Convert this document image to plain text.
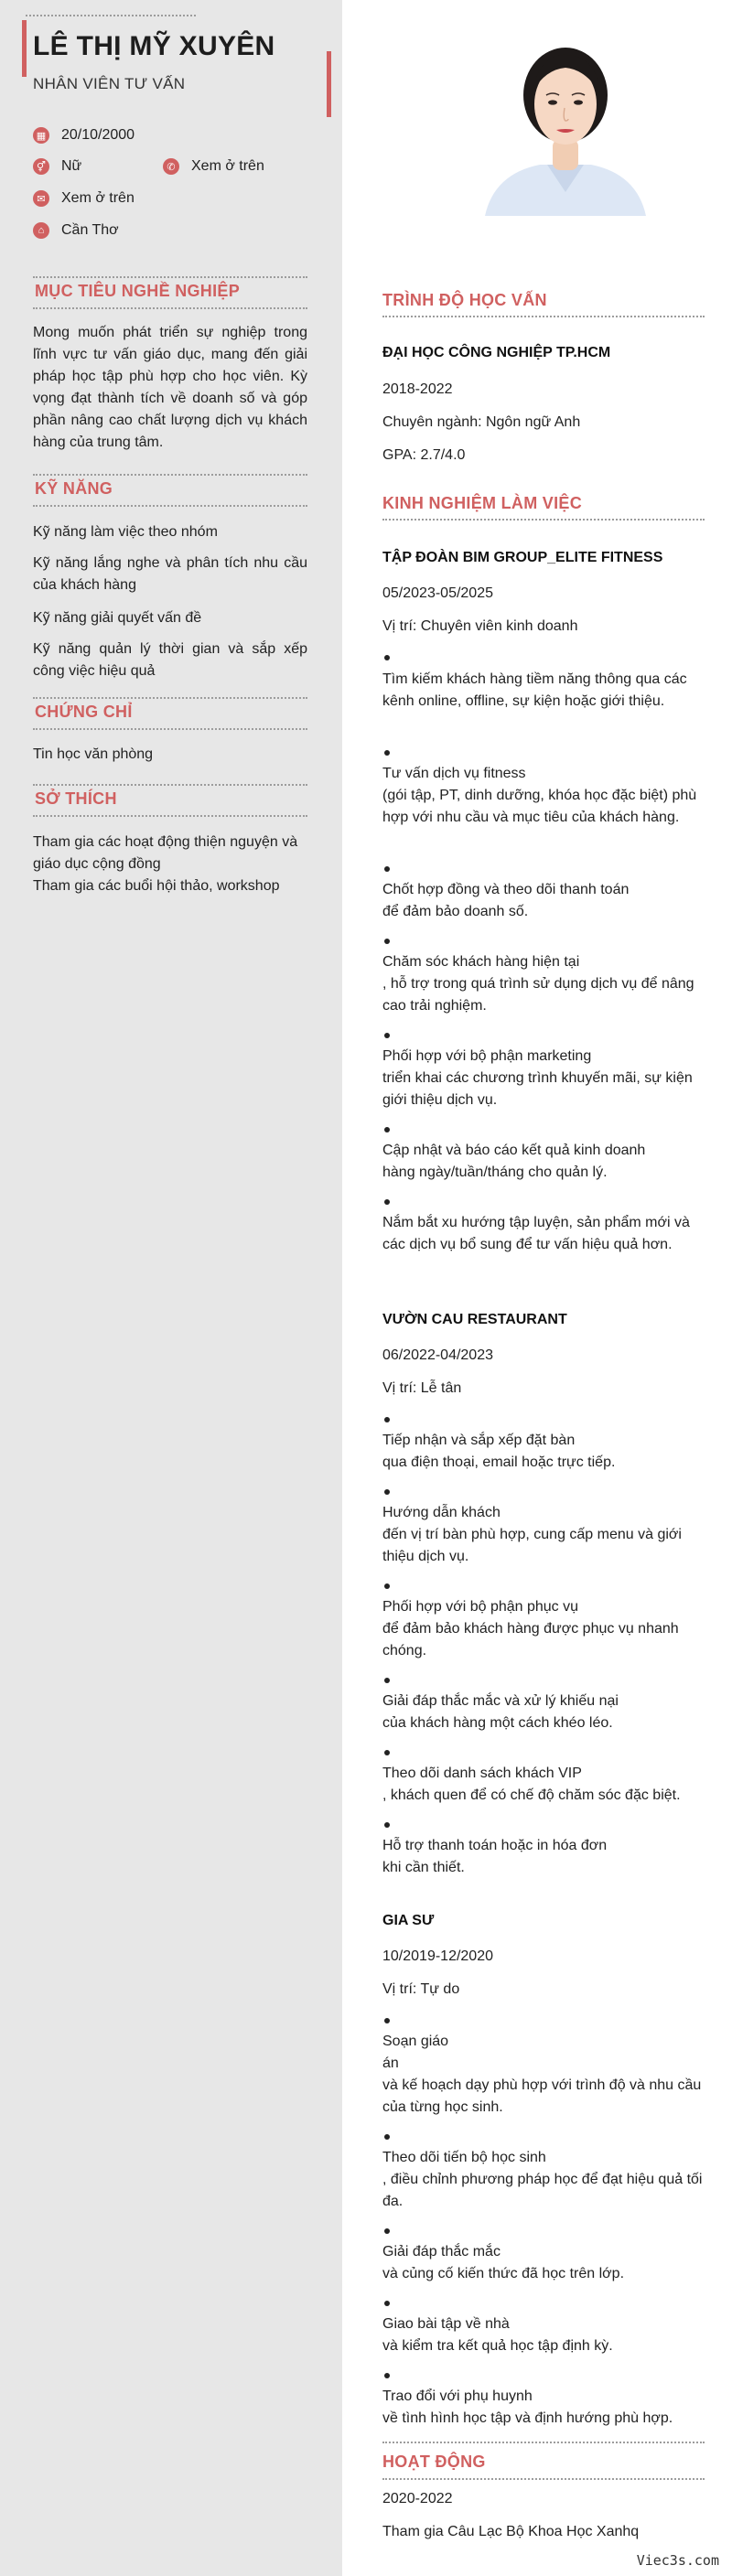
LÊ THỊ MỸ XUYÊN
NHÂN VIÊN TƯ VẤN
▦ 20/10/2000
⚥ Nữ	✆ Xem ở trên
✉ Xem ở trên
⌂	Cần Thơ
MỤC TIÊU NGHỀ NGHIỆP
Mong muốn phát triển sự nghiệp trong lĩnh vực tư vấn giáo dục, mang đến giải pháp học tập phù hợp cho học viên. Kỳ vọng đạt thành tích về doanh số và góp phần nâng cao chất lượng dịch vụ khách hàng của trung tâm.
KỸ NĂNG
Kỹ năng làm việc theo nhóm
Kỹ năng lắng nghe và phân tích nhu cầu của khách hàng
Kỹ năng giải quyết vấn đề
Kỹ năng quản lý thời gian và sắp xếp công việc hiệu quả
CHỨNG CHỈ
Tin học văn phòng
SỞ THÍCH
Tham gia các hoạt động thiện nguyện và giáo dục cộng đồng
Tham gia các buổi hội thảo, workshop
TRÌNH ĐỘ HỌC VẤN
ĐẠI HỌC CÔNG NGHIỆP TP.HCM
2018-2022
Chuyên ngành: Ngôn ngữ Anh
GPA: 2.7/4.0
KINH NGHIỆM LÀM VIỆC
TẬP ĐOÀN BIM GROUP_ELITE FITNESS
05/2023-05/2025
Vị trí: Chuyên viên kinh doanh
Tìm kiếm khách hàng tiềm năng thông qua các kênh online, offline, sự kiện hoặc giới thiệu.
Tư vấn dịch vụ fitness
(gói tập, PT, dinh dưỡng, khóa học đặc biệt) phù hợp với nhu cầu và mục tiêu của khách hàng.
Chốt hợp đồng và theo dõi thanh toán
để đảm bảo doanh số.
Chăm sóc khách hàng hiện tại
, hỗ trợ trong quá trình sử dụng dịch vụ để nâng cao trải nghiệm.
Phối hợp với bộ phận marketing
triển khai các chương trình khuyến mãi, sự kiện giới thiệu dịch vụ.
Cập nhật và báo cáo kết quả kinh doanh
hàng ngày/tuần/tháng cho quản lý.
Nắm bắt xu hướng tập luyện, sản phẩm mới và các dịch vụ bổ sung để tư vấn hiệu quả hơn.
VƯỜN CAU RESTAURANT
06/2022-04/2023
Vị trí: Lễ tân
Tiếp nhận và sắp xếp đặt bàn
qua điện thoại, email hoặc trực tiếp.
Hướng dẫn khách
đến vị trí bàn phù hợp, cung cấp menu và giới thiệu dịch vụ.
Phối hợp với bộ phận phục vụ
để đảm bảo khách hàng được phục vụ nhanh chóng.
Giải đáp thắc mắc và xử lý khiếu nại
của khách hàng một cách khéo léo.
Theo dõi danh sách khách VIP
, khách quen để có chế độ chăm sóc đặc biệt.
Hỗ trợ thanh toán hoặc in hóa đơn
khi cần thiết.
GIA SƯ
10/2019-12/2020
Vị trí: Tự do
Soạn giáo
án
và kế hoạch dạy phù hợp với trình độ và nhu cầu của từng học sinh.
Theo dõi tiến bộ học sinh
, điều chỉnh phương pháp học để đạt hiệu quả tối đa.
Giải đáp thắc mắc
và củng cố kiến thức đã học trên lớp.
Giao bài tập về nhà
và kiểm tra kết quả học tập định kỳ.
Trao đổi với phụ huynh
về tình hình học tập và định hướng phù hợp.
HOẠT ĐỘNG
2020-2022
Tham gia Câu Lạc Bộ Khoa Học Xanhq
Viec3s.com
